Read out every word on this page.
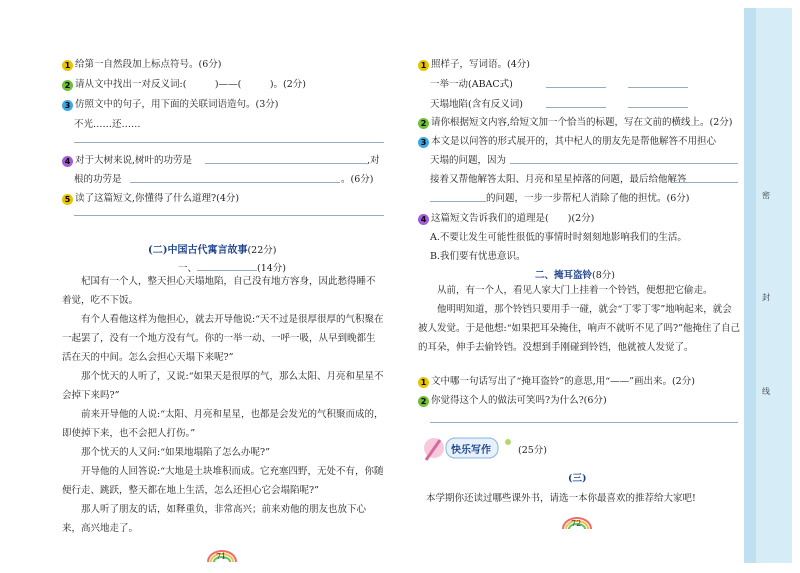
1 给第一自然段加上标点符号。(6分)
2 请从文中找出一对反义词:(　　　)——(　　　)。(2分)
3 仿照文中的句子，用下面的关联词语造句。(3分)
不光……还……
4 对于大树来说,树叶的功劳是	,对
根的功劳是	。(6分)
5 读了这篇短文,你懂得了什么道理?(4分)
(二)中国古代寓言故事(22分)
一、	(14分)
杞国有一个人，整天担心天塌地陷，自己没有地方容身，因此愁得睡不着觉，吃不下饭。
有个人看他这样为他担心，就去开导他说:“天不过是很厚很厚的气积聚在一起罢了，没有一个地方没有气。你的一举一动、一呼一吸，从早到晚都生活在天的中间。怎么会担心天塌下来呢?”
那个忧天的人听了，又说:“如果天是很厚的气，那么太阳、月亮和星星不会掉下来吗?”
前来开导他的人说:“太阳、月亮和星星，也都是会发光的气积聚而成的，即使掉下来，也不会把人打伤。”
那个忧天的人又问:“如果地塌陷了怎么办呢?”
开导他的人回答说:“大地是土块堆积而成。它充塞四野，无处不有，你随便行走、跳跃，整天都在地上生活，怎么还担心它会塌陷呢?”
那人听了朋友的话，如释重负，非常高兴；前来劝他的朋友也放下心来，高兴地走了。
71
1 照样子，写词语。(4分)
一举一动(ABAC式)
天塌地陷(含有反义词)
2 请你根据短文内容,给短文加一个恰当的标题，写在文前的横线上。(2分)
3 本文是以问答的形式展开的，其中杞人的朋友先是帮他解答不用担心
天塌的问题，因为
接着又帮他解答太阳、月亮和星星掉落的问题，最后给他解答
的问题，一步一步帮杞人消除了他的担忧。(6分)
4 这篇短文告诉我们的道理是(　　)(2分)
A.不要让发生可能性很低的事情时时刻刻地影响我们的生活。
B.我们要有忧患意识。
二、掩耳盗铃(8分)
从前，有一个人，看见人家大门上挂着一个铃铛，便想把它偷走。
他明明知道，那个铃铛只要用手一碰，就会“丁零丁零”地响起来，就会被人发觉。于是他想:“如果把耳朵掩住，响声不就听不见了吗?”他掩住了自己的耳朵，伸手去偷铃铛。没想到手刚碰到铃铛，他就被人发觉了。
1 文中哪一句话写出了“掩耳盗铃”的意思,用“——”画出来。(2分)
2 你觉得这个人的做法可笑吗?为什么?(6分)
快乐写作	(25分)
(三)
本学期你还读过哪些课外书，请选一本你最喜欢的推荐给大家吧!
72
密
封
线
